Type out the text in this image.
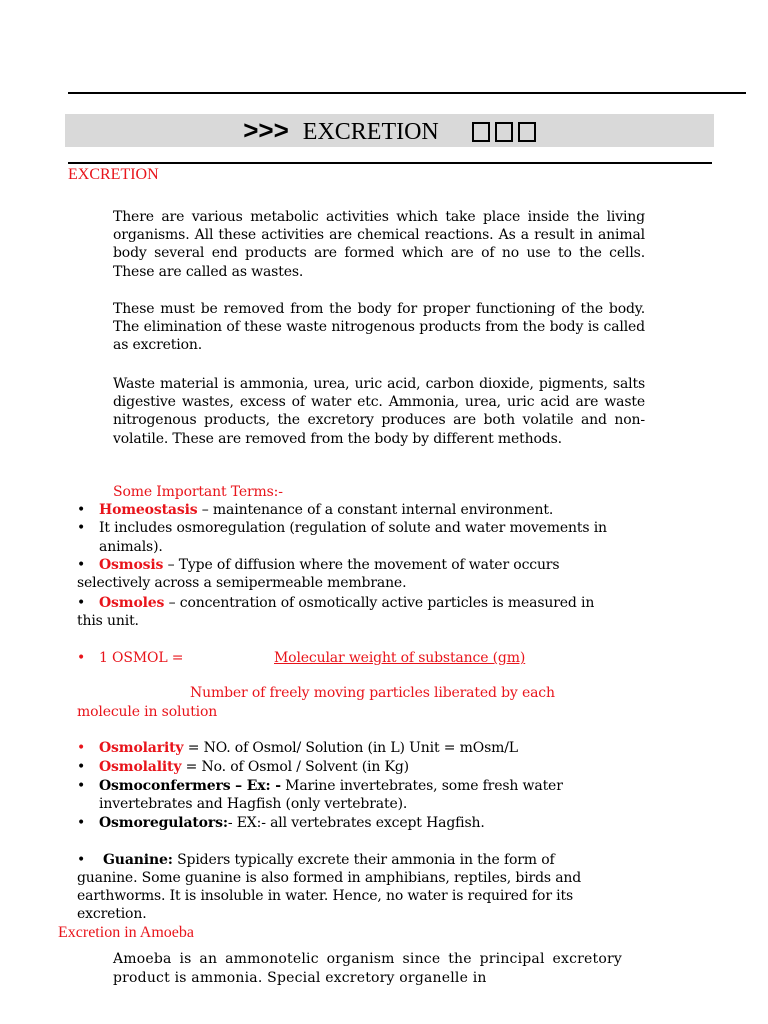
>>> EXCRETION
EXCRETION

There are various metabolic activities which take place inside the living organisms. All these activities are chemical reactions. As a result in animal body several end products are formed which are of no use to the cells. These are called as wastes.

These must be removed from the body for proper functioning of the body. The elimination of these waste nitrogenous products from the body is called as excretion.

Waste material is ammonia, urea, uric acid, carbon dioxide, pigments, salts digestive wastes, excess of water etc. Ammonia, urea, uric acid are waste nitrogenous products, the excretory produces are both volatile and non-volatile. These are removed from the body by different methods.

Some Important Terms:-
• Homeostasis – maintenance of a constant internal environment.
• It includes osmoregulation (regulation of solute and water movements in
animals).
• Osmosis – Type of diffusion where the movement of water occurs
selectively across a semipermeable membrane.
• Osmoles – concentration of osmotically active particles is measured in
this unit.
• 1 OSMOL =	Molecular weight of substance (gm)
Number of freely moving particles liberated by each
molecule in solution
• Osmolarity = NO. of Osmol/ Solution (in L) Unit = mOsm/L
• Osmolality = No. of Osmol / Solvent (in Kg)
• Osmoconfermers – Ex: - Marine invertebrates, some fresh water
invertebrates and Hagfish (only vertebrate).
• Osmoregulators:- EX:- all vertebrates except Hagfish.
• Guanine: Spiders typically excrete their ammonia in the form of
guanine. Some guanine is also formed in amphibians, reptiles, birds and
earthworms. It is insoluble in water. Hence, no water is required for its
excretion.
Excretion in Amoeba

Amoeba is an ammonotelic organism since the principal excretory product is ammonia. Special excretory organelle in
